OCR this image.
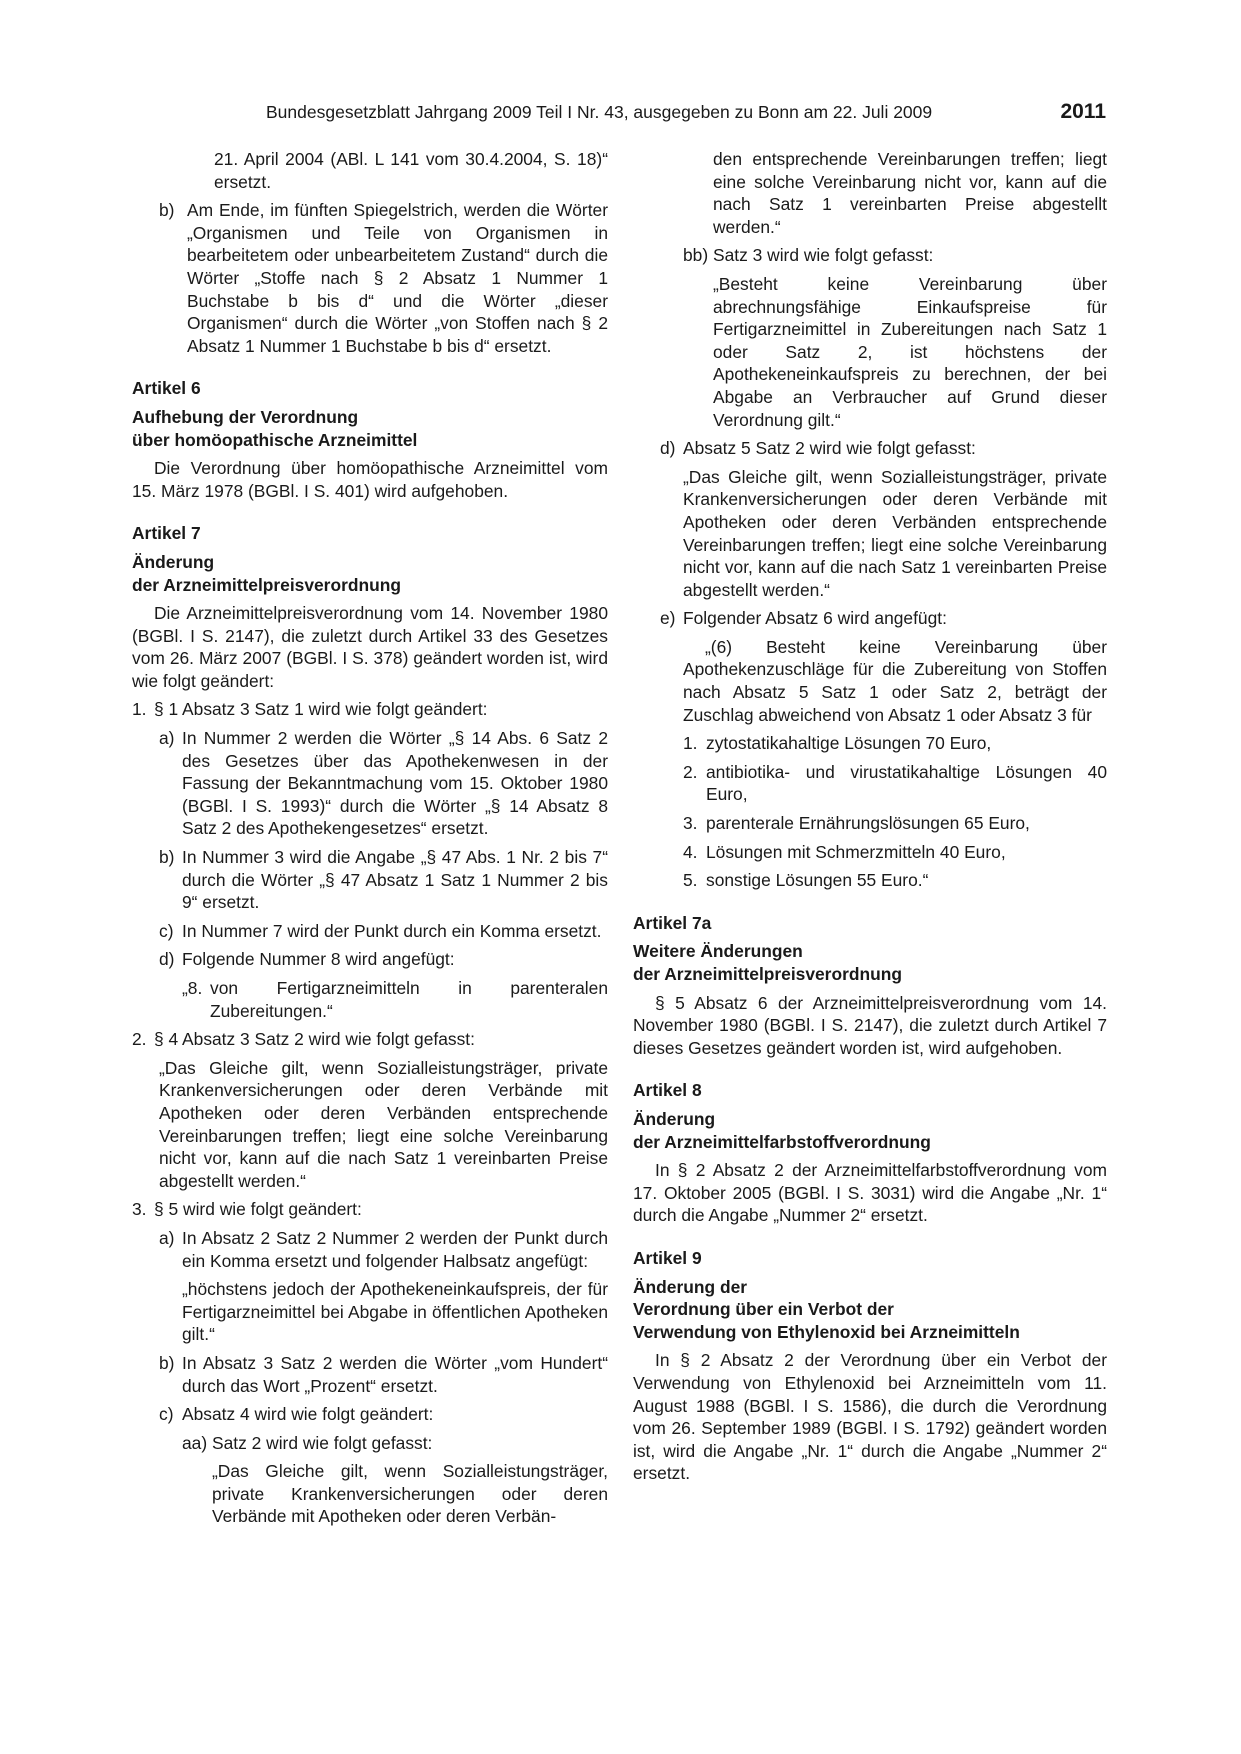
Bundesgesetzblatt Jahrgang 2009 Teil I Nr. 43, ausgegeben zu Bonn am 22. Juli 2009	2011

21. April 2004 (ABl. L 141 vom 30.4.2004, S. 18)“ ersetzt.

b) Am Ende, im fünften Spiegelstrich, werden die Wörter „Organismen und Teile von Organismen in bearbeitetem oder unbearbeitetem Zustand“ durch die Wörter „Stoffe nach § 2 Absatz 1 Nummer 1 Buchstabe b bis d“ und die Wörter „dieser Organismen“ durch die Wörter „von Stoffen nach § 2 Absatz 1 Nummer 1 Buchstabe b bis d“ ersetzt.

Artikel 6

Aufhebung der Verordnung

über homöopathische Arzneimittel

Die Verordnung über homöopathische Arzneimittel vom 15. März 1978 (BGBl. I S. 401) wird aufgehoben.

Artikel 7

Änderung

der Arzneimittelpreisverordnung

Die Arzneimittelpreisverordnung vom 14. November 1980 (BGBl. I S. 2147), die zuletzt durch Artikel 33 des Gesetzes vom 26. März 2007 (BGBl. I S. 378) geändert worden ist, wird wie folgt geändert:

1. § 1 Absatz 3 Satz 1 wird wie folgt geändert:
a) In Nummer 2 werden die Wörter „§ 14 Abs. 6 Satz 2 des Gesetzes über das Apothekenwesen in der Fassung der Bekanntmachung vom 15. Oktober 1980 (BGBl. I S. 1993)“ durch die Wörter „§ 14 Absatz 8 Satz 2 des Apothekengesetzes“ ersetzt.
b) In Nummer 3 wird die Angabe „§ 47 Abs. 1 Nr. 2 bis 7“ durch die Wörter „§ 47 Absatz 1 Satz 1 Nummer 2 bis 9“ ersetzt.
c) In Nummer 7 wird der Punkt durch ein Komma ersetzt.
d) Folgende Nummer 8 wird angefügt:
„8. von Fertigarzneimitteln in parenteralen Zubereitungen.“
2. § 4 Absatz 3 Satz 2 wird wie folgt gefasst:

„Das Gleiche gilt, wenn Sozialleistungsträger, private Krankenversicherungen oder deren Verbände mit Apotheken oder deren Verbänden entsprechende Vereinbarungen treffen; liegt eine solche Vereinbarung nicht vor, kann auf die nach Satz 1 vereinbarten Preise abgestellt werden.“

3. § 5 wird wie folgt geändert:
a) In Absatz 2 Satz 2 Nummer 2 werden der Punkt durch ein Komma ersetzt und folgender Halbsatz angefügt:

„höchstens jedoch der Apothekeneinkaufspreis, der für Fertigarzneimittel bei Abgabe in öffentlichen Apotheken gilt.“

b) In Absatz 3 Satz 2 werden die Wörter „vom Hundert“ durch das Wort „Prozent“ ersetzt.
c) Absatz 4 wird wie folgt geändert:
aa) Satz 2 wird wie folgt gefasst:

„Das Gleiche gilt, wenn Sozialleistungsträger, private Krankenversicherungen oder deren Verbände mit Apotheken oder deren Verbän-

den entsprechende Vereinbarungen treffen; liegt eine solche Vereinbarung nicht vor, kann auf die nach Satz 1 vereinbarten Preise abgestellt werden.“

bb) Satz 3 wird wie folgt gefasst:

„Besteht keine Vereinbarung über abrechnungsfähige Einkaufspreise für Fertigarzneimittel in Zubereitungen nach Satz 1 oder Satz 2, ist höchstens der Apothekeneinkaufspreis zu berechnen, der bei Abgabe an Verbraucher auf Grund dieser Verordnung gilt.“

d) Absatz 5 Satz 2 wird wie folgt gefasst:

„Das Gleiche gilt, wenn Sozialleistungsträger, private Krankenversicherungen oder deren Verbände mit Apotheken oder deren Verbänden entsprechende Vereinbarungen treffen; liegt eine solche Vereinbarung nicht vor, kann auf die nach Satz 1 vereinbarten Preise abgestellt werden.“

e) Folgender Absatz 6 wird angefügt:

„(6) Besteht keine Vereinbarung über Apothekenzuschläge für die Zubereitung von Stoffen nach Absatz 5 Satz 1 oder Satz 2, beträgt der Zuschlag abweichend von Absatz 1 oder Absatz 3 für

1. zytostatikahaltige Lösungen 70 Euro,
2. antibiotika- und virustatikahaltige Lösungen 40 Euro,
3. parenterale Ernährungslösungen 65 Euro,
4. Lösungen mit Schmerzmitteln 40 Euro,
5. sonstige Lösungen 55 Euro.“

Artikel 7a

Weitere Änderungen

der Arzneimittelpreisverordnung

§ 5 Absatz 6 der Arzneimittelpreisverordnung vom 14. November 1980 (BGBl. I S. 2147), die zuletzt durch Artikel 7 dieses Gesetzes geändert worden ist, wird aufgehoben.

Artikel 8

Änderung

der Arzneimittelfarbstoffverordnung

In § 2 Absatz 2 der Arzneimittelfarbstoffverordnung vom 17. Oktober 2005 (BGBl. I S. 3031) wird die Angabe „Nr. 1“ durch die Angabe „Nummer 2“ ersetzt.

Artikel 9

Änderung der

Verordnung über ein Verbot der

Verwendung von Ethylenoxid bei Arzneimitteln

In § 2 Absatz 2 der Verordnung über ein Verbot der Verwendung von Ethylenoxid bei Arzneimitteln vom 11. August 1988 (BGBl. I S. 1586), die durch die Verordnung vom 26. September 1989 (BGBl. I S. 1792) geändert worden ist, wird die Angabe „Nr. 1“ durch die Angabe „Nummer 2“ ersetzt.
